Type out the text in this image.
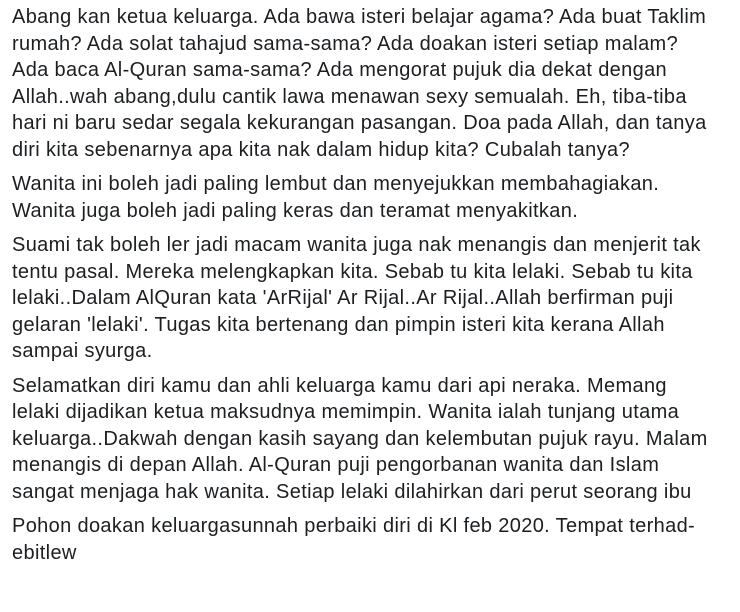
Abang kan ketua keluarga. Ada bawa isteri belajar agama? Ada buat Taklim
rumah? Ada solat tahajud sama-sama? Ada doakan isteri setiap malam?
Ada baca Al-Quran sama-sama? Ada mengorat pujuk dia dekat dengan
Allah..wah abang,dulu cantik lawa menawan sexy semualah. Eh, tiba-tiba
hari ni baru sedar segala kekurangan pasangan. Doa pada Allah, dan tanya
diri kita sebenarnya apa kita nak dalam hidup kita? Cubalah tanya?

Wanita ini boleh jadi paling lembut dan menyejukkan membahagiakan.
Wanita juga boleh jadi paling keras dan teramat menyakitkan.

Suami tak boleh ler jadi macam wanita juga nak menangis dan menjerit tak
tentu pasal. Mereka melengkapkan kita. Sebab tu kita lelaki. Sebab tu kita
lelaki..Dalam AlQuran kata 'ArRijal' Ar Rijal..Ar Rijal..Allah berfirman puji
gelaran 'lelaki'. Tugas kita bertenang dan pimpin isteri kita kerana Allah
sampai syurga.

Selamatkan diri kamu dan ahli keluarga kamu dari api neraka. Memang
lelaki dijadikan ketua maksudnya memimpin. Wanita ialah tunjang utama
keluarga..Dakwah dengan kasih sayang dan kelembutan pujuk rayu. Malam
menangis di depan Allah. Al-Quran puji pengorbanan wanita dan Islam
sangat menjaga hak wanita. Setiap lelaki dilahirkan dari perut seorang ibu

Pohon doakan keluargasunnah perbaiki diri di Kl feb 2020. Tempat terhad-
ebitlew
